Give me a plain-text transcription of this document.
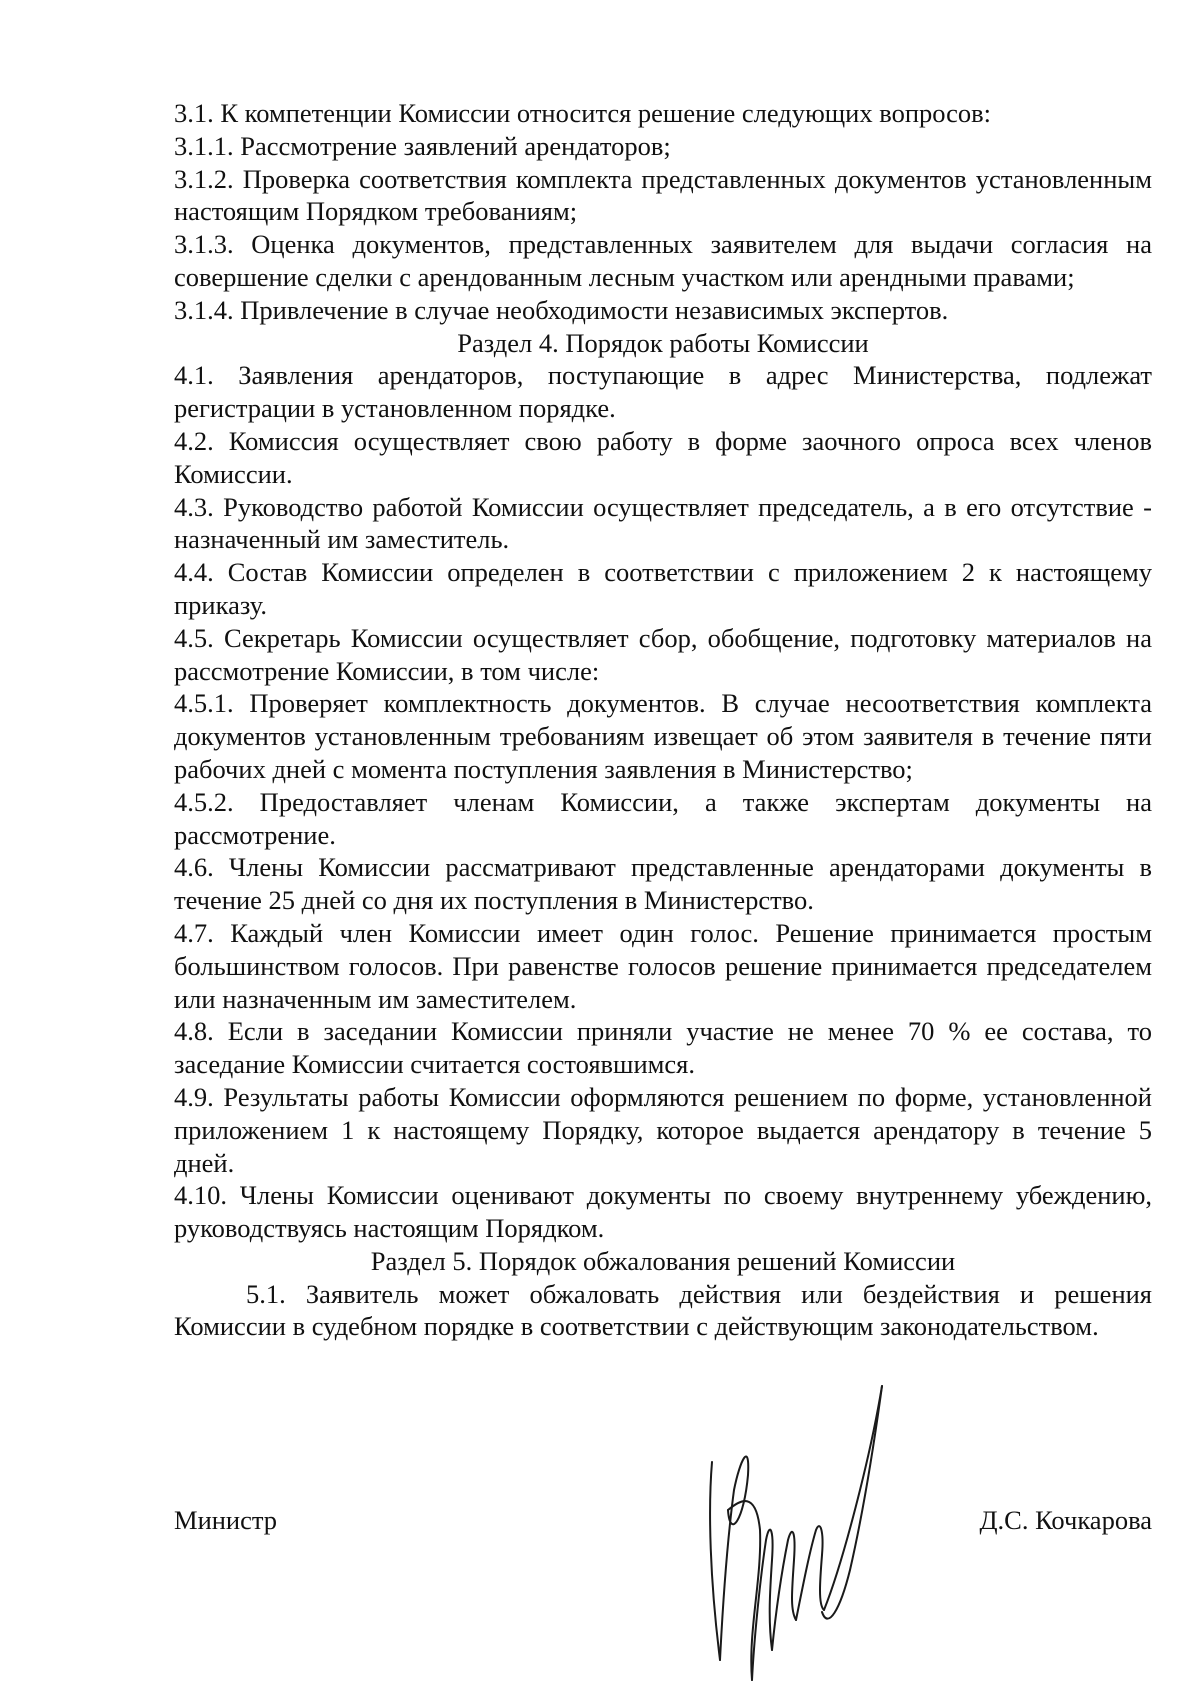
3.1. К компетенции Комиссии относится решение следующих вопросов:

3.1.1. Рассмотрение заявлений арендаторов;

3.1.2. Проверка соответствия комплекта представленных документов установленным настоящим Порядком требованиям;

3.1.3. Оценка документов, представленных заявителем для выдачи согласия на совершение сделки с арендованным лесным участком или арендными правами;

3.1.4. Привлечение в случае необходимости независимых экспертов.

Раздел 4. Порядок работы Комиссии

4.1. Заявления арендаторов, поступающие в адрес Министерства, подлежат регистрации в установленном порядке.

4.2. Комиссия осуществляет свою работу в форме заочного опроса всех членов Комиссии.

4.3. Руководство работой Комиссии осуществляет председатель, а в его отсутствие - назначенный им заместитель.

4.4. Состав Комиссии определен в соответствии с приложением 2 к настоящему приказу.

4.5. Секретарь Комиссии осуществляет сбор, обобщение, подготовку материалов на рассмотрение Комиссии, в том числе:

4.5.1. Проверяет комплектность документов. В случае несоответствия комплекта документов установленным требованиям извещает об этом заявителя в течение пяти рабочих дней с момента поступления заявления в Министерство;

4.5.2. Предоставляет членам Комиссии, а также экспертам документы на рассмотрение.

4.6. Члены Комиссии рассматривают представленные арендаторами документы в течение 25 дней со дня их поступления в Министерство.

4.7. Каждый член Комиссии имеет один голос. Решение принимается простым большинством голосов. При равенстве голосов решение принимается председателем или назначенным им заместителем.

4.8. Если в заседании Комиссии приняли участие не менее 70 % ее состава, то заседание Комиссии считается состоявшимся.

4.9. Результаты работы Комиссии оформляются решением по форме, установленной приложением 1 к настоящему Порядку, которое выдается арендатору в течение 5 дней.

4.10. Члены Комиссии оценивают документы по своему внутреннему убеждению, руководствуясь настоящим Порядком.

Раздел 5. Порядок обжалования решений Комиссии

5.1. Заявитель может обжаловать действия или бездействия и решения Комиссии в судебном порядке в соответствии с действующим законодательством.

Министр	Д.С. Кочкарова
